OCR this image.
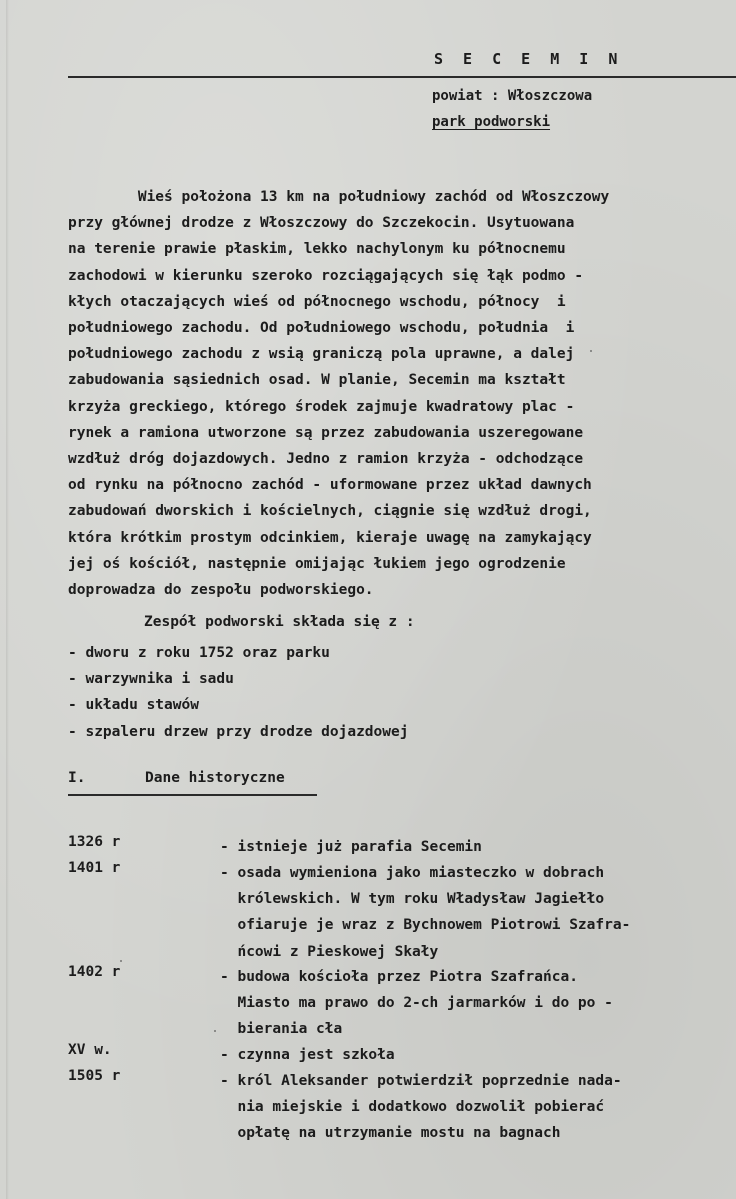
S E C E M I N
powiat : Włoszczowa
park podworski
Wieś położona 13 km na południowy zachód od Włoszczowy
przy głównej drodze z Włoszczowy do Szczekocin. Usytuowana
na terenie prawie płaskim, lekko nachylonym ku północnemu
zachodowi w kierunku szeroko rozciągających się łąk podmo -
kłych otaczających wieś od północnego wschodu, północy  i
południowego zachodu. Od południowego wschodu, południa  i
południowego zachodu z wsią graniczą pola uprawne, a dalej
zabudowania sąsiednich osad. W planie, Secemin ma kształt
krzyża greckiego, którego środek zajmuje kwadratowy plac -
rynek a ramiona utworzone są przez zabudowania uszeregowane
wzdłuż dróg dojazdowych. Jedno z ramion krzyża - odchodzące
od rynku na północno zachód - uformowane przez układ dawnych
zabudowań dworskich i kościelnych, ciągnie się wzdłuż drogi,
która krótkim prostym odcinkiem, kieraje uwagę na zamykający
jej oś kościół, następnie omijając łukiem jego ogrodzenie
doprowadza do zespołu podworskiego.
Zespół podworski składa się z :
- dworu z roku 1752 oraz parku
- warzywnika i sadu
- układu stawów
- szpaleru drzew przy drodze dojazdowej
I.	Dane historyczne
1326 r	- istnieje już parafia Secemin
1401 r	- osada wymieniona jako miasteczko w dobrach
królewskich. W tym roku Władysław Jagiełło
ofiaruje je wraz z Bychnowem Piotrowi Szafra-
ńcowi z Pieskowej Skały
1402 r	- budowa kościoła przez Piotra Szafrańca.
Miasto ma prawo do 2-ch jarmarków i do po -
bierania cła
XV w.	- czynna jest szkoła
1505 r	- król Aleksander potwierdził poprzednie nada-
nia miejskie i dodatkowo dozwolił pobierać
opłatę na utrzymanie mostu na bagnach
